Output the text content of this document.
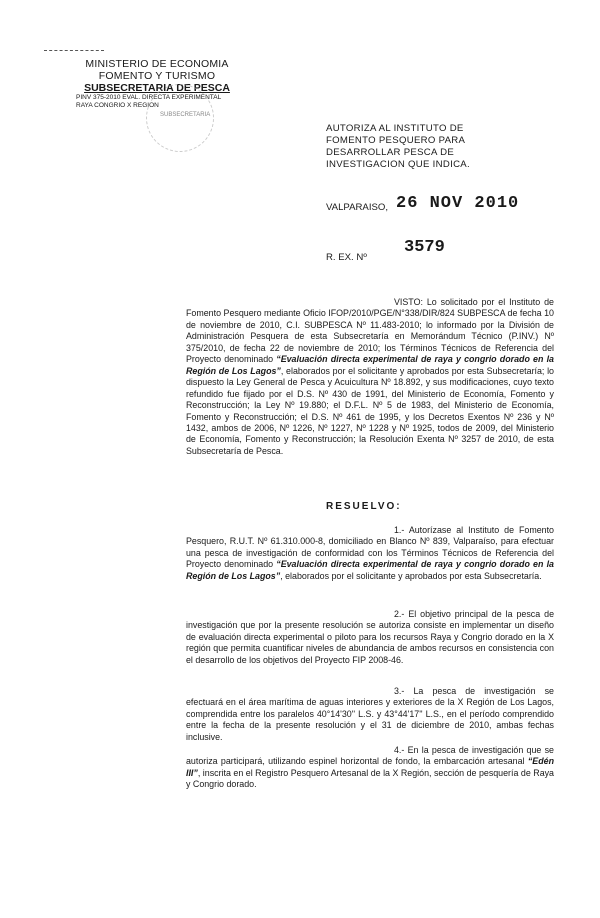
MINISTERIO DE ECONOMIA
FOMENTO Y TURISMO
SUBSECRETARIA DE PESCA
PINV 375-2010 EVAL. DIRECTA EXPERIMENTAL
RAYA CONGRIO X REGION
SUBSECRETARIA
AUTORIZA AL INSTITUTO DE FOMENTO PESQUERO PARA DESARROLLAR PESCA DE INVESTIGACION QUE INDICA.
VALPARAISO, 26 NOV 2010
R. EX. Nº
3579
VISTO: Lo solicitado por el Instituto de Fomento Pesquero mediante Oficio IFOP/2010/PGE/N°338/DIR/824 SUBPESCA de fecha 10 de noviembre de 2010, C.I. SUBPESCA Nº 11.483-2010; lo informado por la División de Administración Pesquera de esta Subsecretaría en Memorándum Técnico (P.INV.) Nº 375/2010, de fecha 22 de noviembre de 2010; los Términos Técnicos de Referencia del Proyecto denominado “Evaluación directa experimental de raya y congrio dorado en la Región de Los Lagos”, elaborados por el solicitante y aprobados por esta Subsecretaría; lo dispuesto la Ley General de Pesca y Acuicultura Nº 18.892, y sus modificaciones, cuyo texto refundido fue fijado por el D.S. Nº 430 de 1991, del Ministerio de Economía, Fomento y Reconstrucción; la Ley Nº 19.880; el D.F.L. Nº 5 de 1983, del Ministerio de Economía, Fomento y Reconstrucción; el D.S. Nº 461 de 1995, y los Decretos Exentos Nº 236 y Nº 1432, ambos de 2006, Nº 1226, Nº 1227, Nº 1228 y Nº 1925, todos de 2009, del Ministerio de Economía, Fomento y Reconstrucción; la Resolución Exenta Nº 3257 de 2010, de esta Subsecretaría de Pesca.
RESUELVO:
1.- Autorízase al Instituto de Fomento Pesquero, R.U.T. Nº 61.310.000-8, domiciliado en Blanco Nº 839, Valparaíso, para efectuar una pesca de investigación de conformidad con los Términos Técnicos de Referencia del Proyecto denominado “Evaluación directa experimental de raya y congrio dorado en la Región de Los Lagos”, elaborados por el solicitante y aprobados por esta Subsecretaría.
2.- El objetivo principal de la pesca de investigación que por la presente resolución se autoriza consiste en implementar un diseño de evaluación directa experimental o piloto para los recursos Raya y Congrio dorado en la X región que permita cuantificar niveles de abundancia de ambos recursos en consistencia con el desarrollo de los objetivos del Proyecto FIP 2008-46.
3.- La pesca de investigación se efectuará en el área marítima de aguas interiores y exteriores de la X Región de Los Lagos, comprendida entre los paralelos 40°14'30'' L.S. y 43°44'17'' L.S., en el período comprendido entre la fecha de la presente resolución y el 31 de diciembre de 2010, ambas fechas inclusive.
4.- En la pesca de investigación que se autoriza participará, utilizando espinel horizontal de fondo, la embarcación artesanal “Edén III”, inscrita en el Registro Pesquero Artesanal de la X Región, sección de pesquería de Raya y Congrio dorado.
